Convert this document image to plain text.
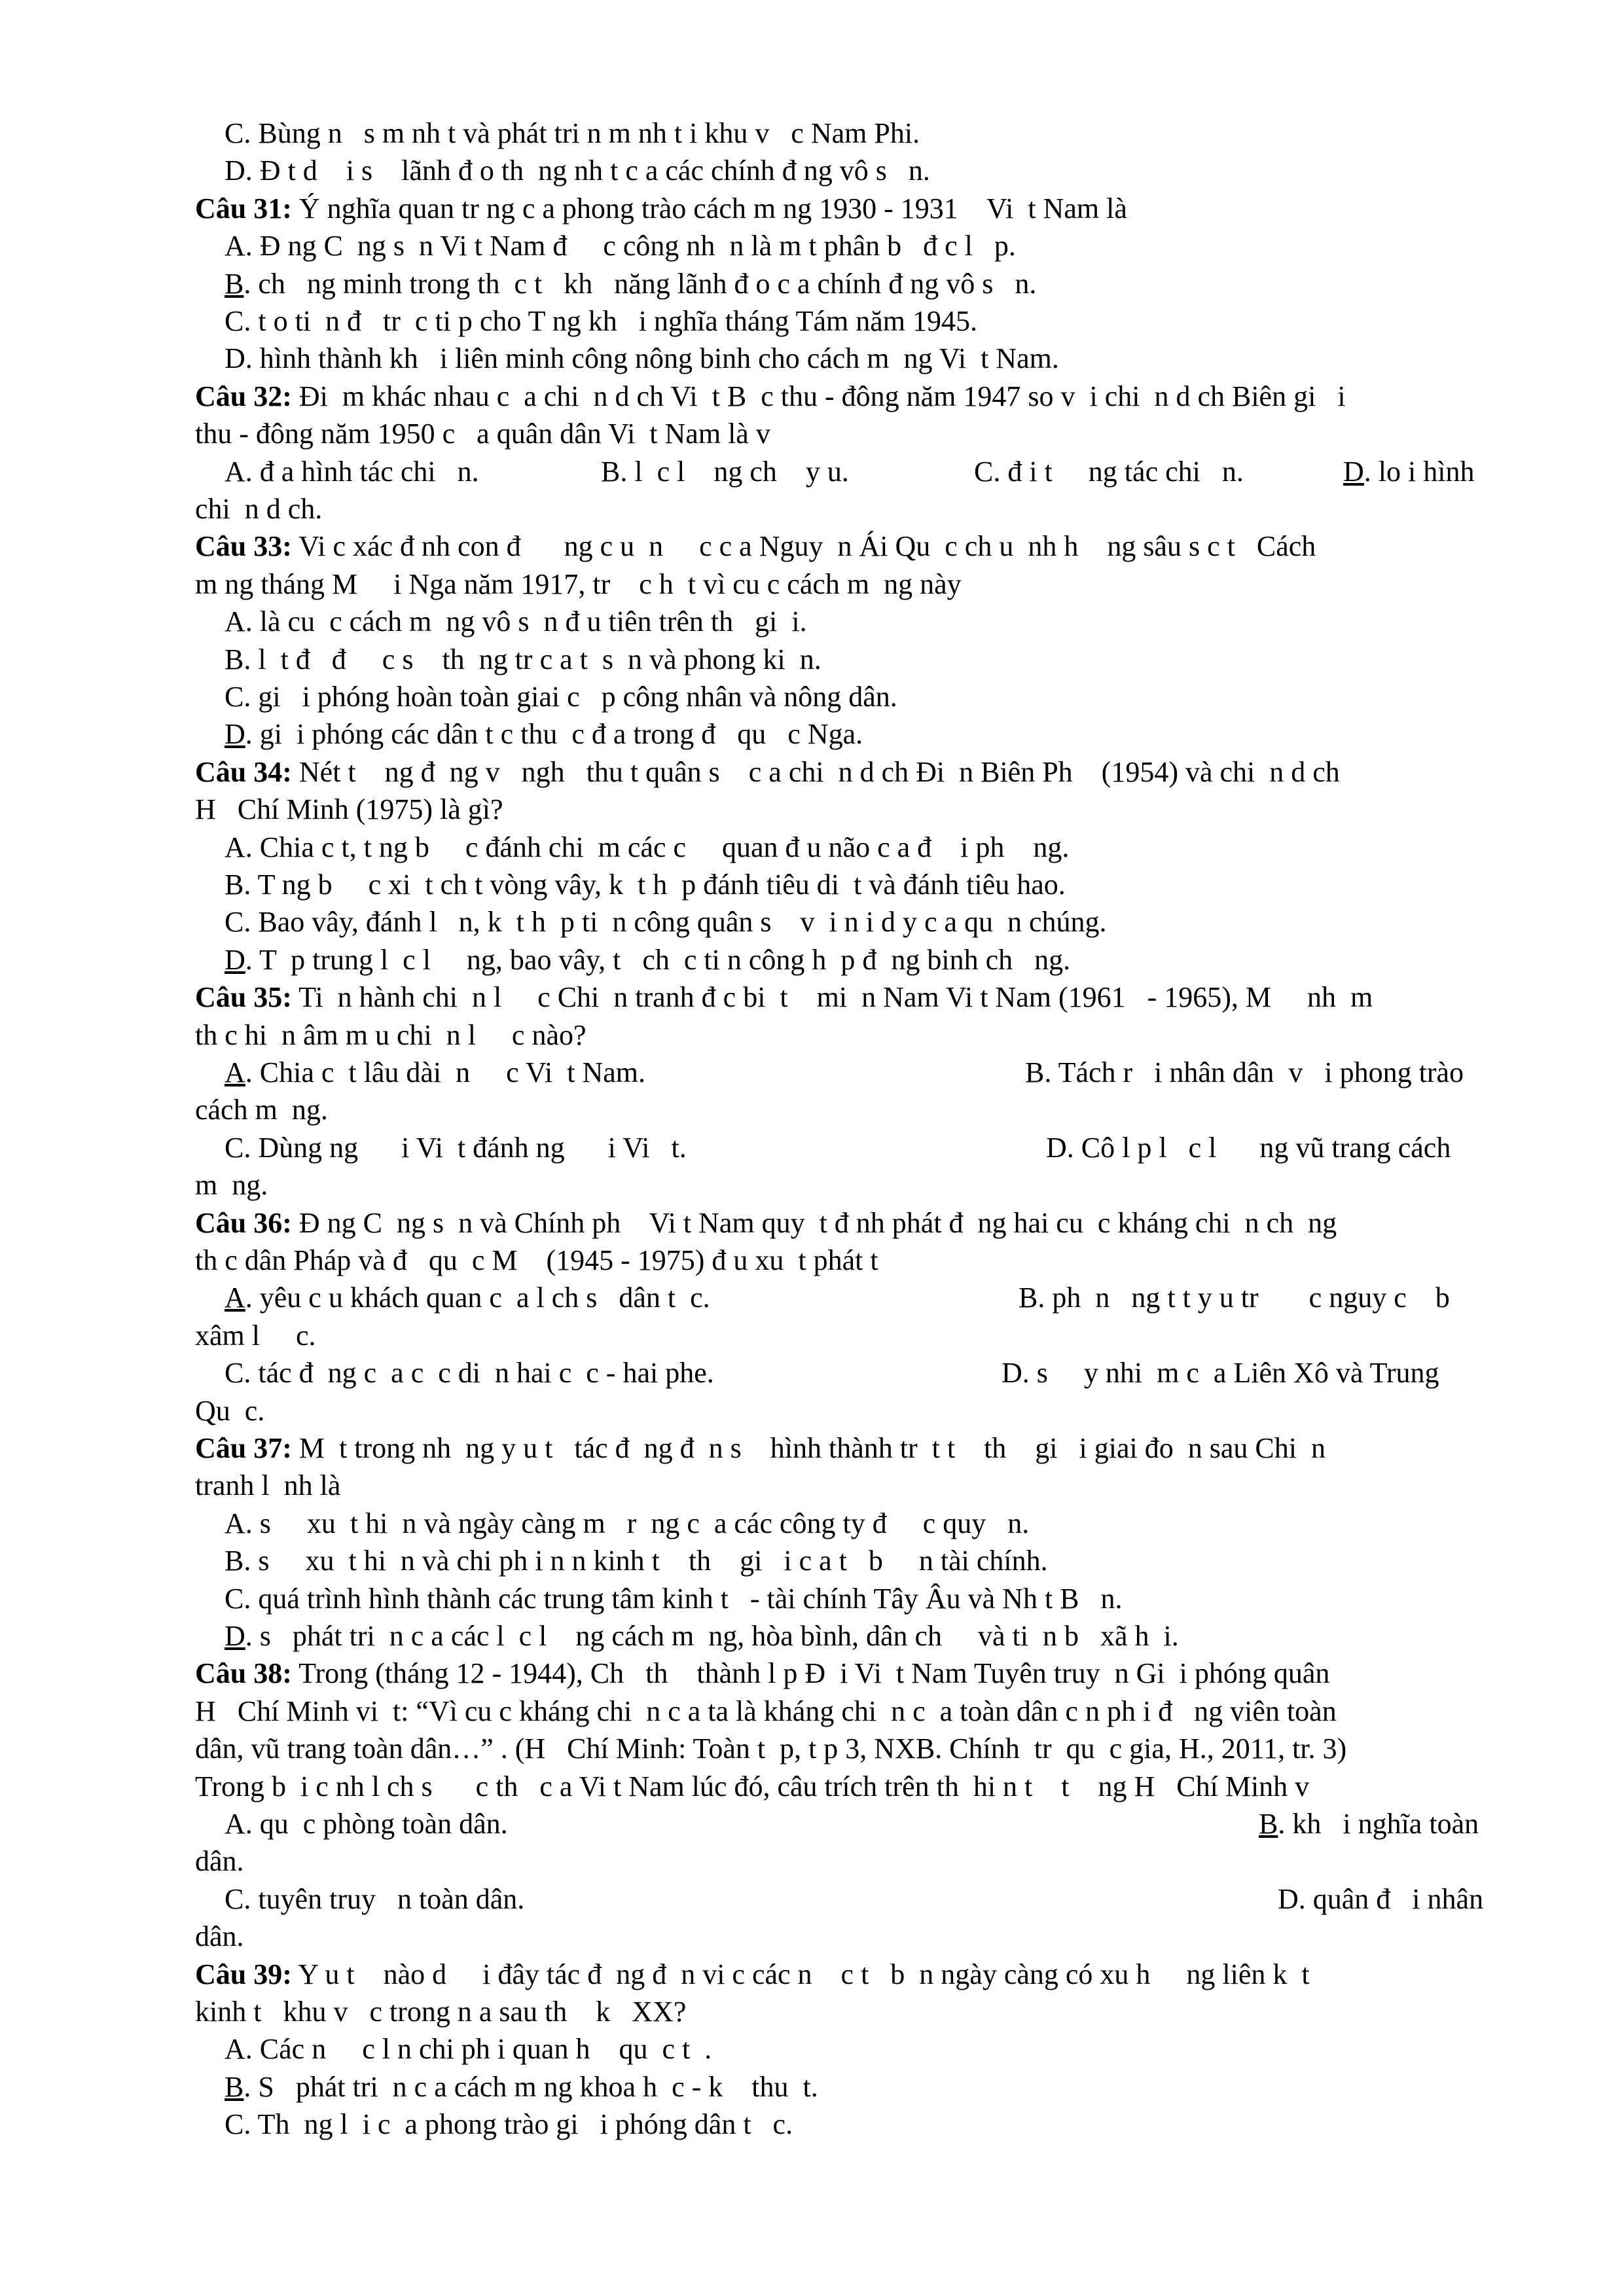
C. Bùng n   s m nh t và phát tri n m nh t i khu v   c Nam Phi.
D. Đ t d    i s    lãnh đ o th  ng nh t c a các chính đ ng vô s   n.
Câu 31: Ý nghĩa quan tr ng c a phong trào cách m ng 1930 - 1931    Vi  t Nam là
A. Đ ng C  ng s  n Vi t Nam đ     c công nh  n là m t phân b   đ c l   p.
B. ch   ng minh trong th  c t   kh   năng lãnh đ o c a chính đ ng vô s   n.
C. t o ti  n đ   tr  c ti p cho T ng kh   i nghĩa tháng Tám năm 1945.
D. hình thành kh   i liên minh công nông binh cho cách m  ng Vi  t Nam.
Câu 32: Đi  m khác nhau c  a chi  n d ch Vi  t B  c thu - đông năm 1947 so v  i chi  n d ch Biên gi   i
thu - đông năm 1950 c   a quân dân Vi  t Nam là v
A. đ a hình tác chi   n.	B. l  c l    ng ch    y u.	C. đ i t     ng tác chi   n.	D. lo i hình
chi  n d ch.
Câu 33: Vi c xác đ nh con đ      ng c u  n     c c a Nguy  n Ái Qu  c ch u  nh h    ng sâu s c t   Cách
m ng tháng M     i Nga năm 1917, tr    c h  t vì cu c cách m  ng này
A. là cu  c cách m  ng vô s  n đ u tiên trên th   gi  i.
B. l  t đ   đ     c s    th  ng tr c a t  s  n và phong ki  n.
C. gi   i phóng hoàn toàn giai c   p công nhân và nông dân.
D. gi  i phóng các dân t c thu  c đ a trong đ   qu   c Nga.
Câu 34: Nét t    ng đ  ng v   ngh   thu t quân s    c a chi  n d ch Đi  n Biên Ph    (1954) và chi  n d ch
H   Chí Minh (1975) là gì?
A. Chia c t, t ng b     c đánh chi  m các c     quan đ u não c a đ    i ph    ng.
B. T ng b     c xi  t ch t vòng vây, k  t h  p đánh tiêu di  t và đánh tiêu hao.
C. Bao vây, đánh l   n, k  t h  p ti  n công quân s    v  i n i d y c a qu  n chúng.
D. T  p trung l  c l     ng, bao vây, t   ch  c ti n công h  p đ  ng binh ch   ng.
Câu 35: Ti  n hành chi  n l     c Chi  n tranh đ c bi  t    mi  n Nam Vi t Nam (1961   - 1965), M     nh  m
th c hi  n âm m u chi  n l     c nào?
A. Chia c  t lâu dài  n     c Vi  t Nam.	B. Tách r   i nhân dân  v   i phong trào
cách m  ng.
C. Dùng ng      i Vi  t đánh ng      i Vi   t.	D. Cô l p l   c l      ng vũ trang cách
m  ng.
Câu 36: Đ ng C  ng s  n và Chính ph    Vi t Nam quy  t đ nh phát đ  ng hai cu  c kháng chi  n ch  ng
th c dân Pháp và đ   qu  c M    (1945 - 1975) đ u xu  t phát t
A. yêu c u khách quan c  a l ch s   dân t  c.	B. ph  n   ng t t y u tr       c nguy c    b
xâm l     c.
C. tác đ  ng c  a c  c di  n hai c  c - hai phe.	D. s     y nhi  m c  a Liên Xô và Trung
Qu  c.
Câu 37: M  t trong nh  ng y u t   tác đ  ng đ  n s    hình thành tr  t t    th    gi   i giai đo  n sau Chi  n
tranh l  nh là
A. s     xu  t hi  n và ngày càng m   r  ng c  a các công ty đ     c quy   n.
B. s     xu  t hi  n và chi ph i n n kinh t    th    gi   i c a t   b     n tài chính.
C. quá trình hình thành các trung tâm kinh t   - tài chính Tây Âu và Nh t B   n.
D. s   phát tri  n c a các l  c l    ng cách m  ng, hòa bình, dân ch     và ti  n b   xã h  i.
Câu 38: Trong (tháng 12 - 1944), Ch   th    thành l p Đ  i Vi  t Nam Tuyên truy  n Gi  i phóng quân
H   Chí Minh vi  t: “Vì cu c kháng chi  n c a ta là kháng chi  n c  a toàn dân c n ph i đ   ng viên toàn
dân, vũ trang toàn dân…” . (H   Chí Minh: Toàn t  p, t p 3, NXB. Chính  tr  qu  c gia, H., 2011, tr. 3)
Trong b  i c nh l ch s      c th   c a Vi t Nam lúc đó, câu trích trên th  hi n t    t    ng H   Chí Minh v
A. qu  c phòng toàn dân.	B. kh   i nghĩa toàn
dân.
C. tuyên truy   n toàn dân.	D. quân đ   i nhân
dân.
Câu 39: Y u t    nào d     i đây tác đ  ng đ  n vi c các n    c t   b  n ngày càng có xu h     ng liên k  t
kinh t   khu v   c trong n a sau th    k   XX?
A. Các n     c l n chi ph i quan h    qu  c t  .
B. S   phát tri  n c a cách m ng khoa h  c - k    thu  t.
C. Th  ng l  i c  a phong trào gi   i phóng dân t   c.
